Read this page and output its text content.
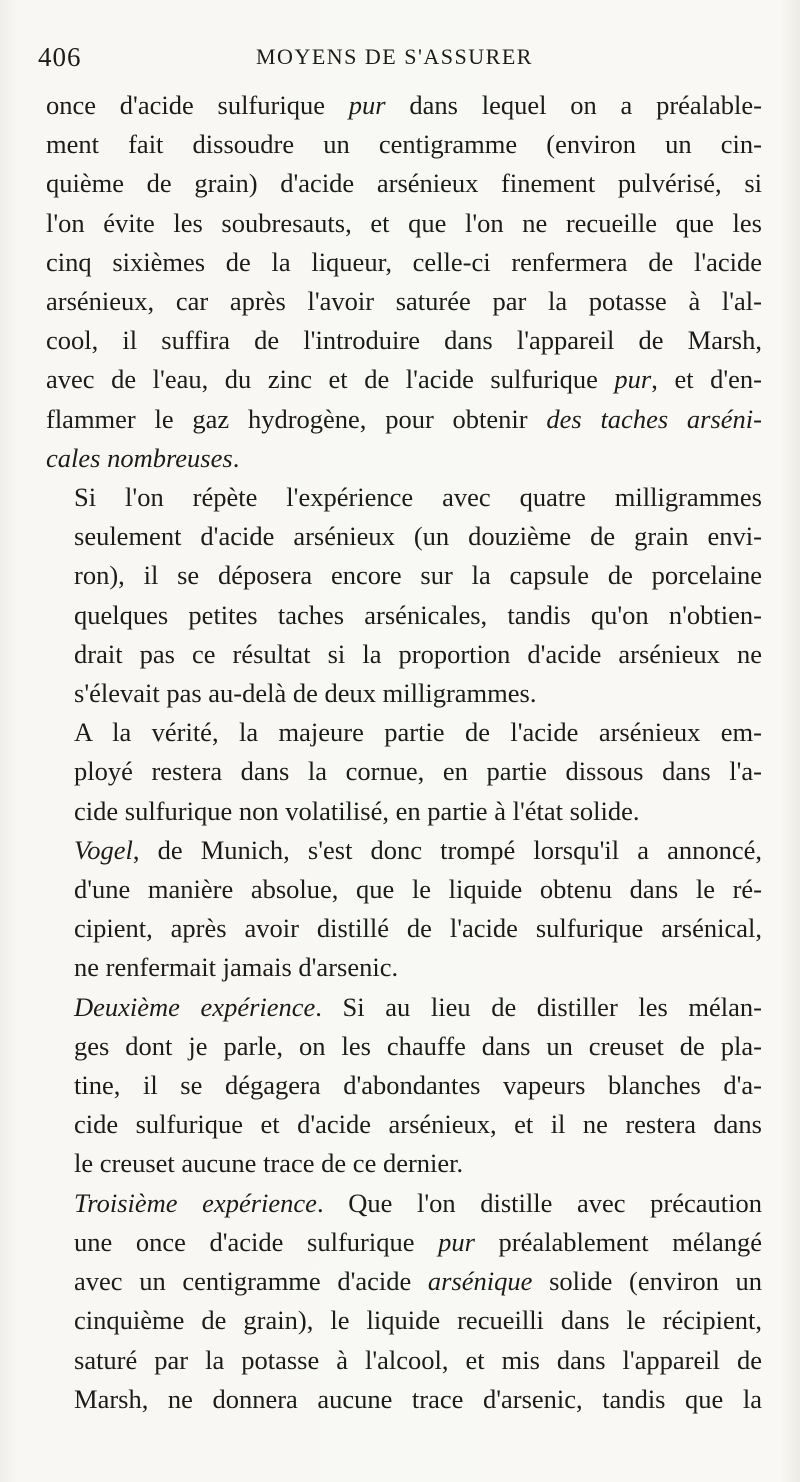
406	MOYENS DE S'ASSURER
once d'acide sulfurique pur dans lequel on a préalable-
ment fait dissoudre un centigramme (environ un cin-
quième de grain) d'acide arsénieux finement pulvérisé, si
l'on évite les soubresauts, et que l'on ne recueille que les
cinq sixièmes de la liqueur, celle-ci renfermera de l'acide
arsénieux, car après l'avoir saturée par la potasse à l'al-
cool, il suffira de l'introduire dans l'appareil de Marsh,
avec de l'eau, du zinc et de l'acide sulfurique pur, et d'en-
flammer le gaz hydrogène, pour obtenir des taches arséni-
cales nombreuses.
Si l'on répète l'expérience avec quatre milligrammes
seulement d'acide arsénieux (un douzième de grain envi-
ron), il se déposera encore sur la capsule de porcelaine
quelques petites taches arsénicales, tandis qu'on n'obtien-
drait pas ce résultat si la proportion d'acide arsénieux ne
s'élevait pas au-delà de deux milligrammes.
A la vérité, la majeure partie de l'acide arsénieux em-
ployé restera dans la cornue, en partie dissous dans l'a-
cide sulfurique non volatilisé, en partie à l'état solide.
Vogel, de Munich, s'est donc trompé lorsqu'il a annoncé,
d'une manière absolue, que le liquide obtenu dans le ré-
cipient, après avoir distillé de l'acide sulfurique arsénical,
ne renfermait jamais d'arsenic.
Deuxième expérience. Si au lieu de distiller les mélan-
ges dont je parle, on les chauffe dans un creuset de pla-
tine, il se dégagera d'abondantes vapeurs blanches d'a-
cide sulfurique et d'acide arsénieux, et il ne restera dans
le creuset aucune trace de ce dernier.
Troisième expérience. Que l'on distille avec précaution
une once d'acide sulfurique pur préalablement mélangé
avec un centigramme d'acide arsénique solide (environ un
cinquième de grain), le liquide recueilli dans le récipient,
saturé par la potasse à l'alcool, et mis dans l'appareil de
Marsh, ne donnera aucune trace d'arsenic, tandis que la
